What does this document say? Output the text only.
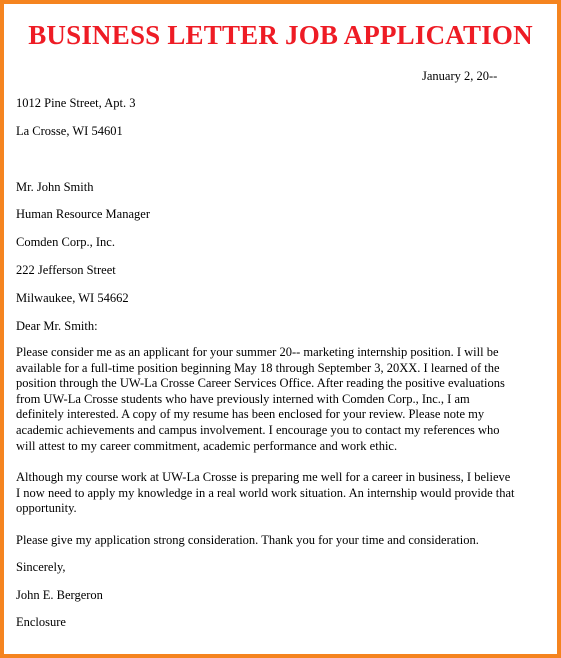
BUSINESS LETTER JOB APPLICATION

January 2, 20--

1012 Pine Street, Apt. 3

La Crosse, WI 54601

Mr. John Smith

Human Resource Manager

Comden Corp., Inc.

222 Jefferson Street

Milwaukee, WI 54662

Dear Mr. Smith:

Please consider me as an applicant for your summer 20-- marketing internship position. I will be
available for a full-time position beginning May 18 through September 3, 20XX. I learned of the
position through the UW-La Crosse Career Services Office. After reading the positive evaluations
from UW-La Crosse students who have previously interned with Comden Corp., Inc., I am
definitely interested. A copy of my resume has been enclosed for your review. Please note my
academic achievements and campus involvement. I encourage you to contact my references who
will attest to my career commitment, academic performance and work ethic.
Although my course work at UW-La Crosse is preparing me well for a career in business, I believe
I now need to apply my knowledge in a real world work situation. An internship would provide that
opportunity.
Please give my application strong consideration. Thank you for your time and consideration.

Sincerely,

John E. Bergeron

Enclosure
